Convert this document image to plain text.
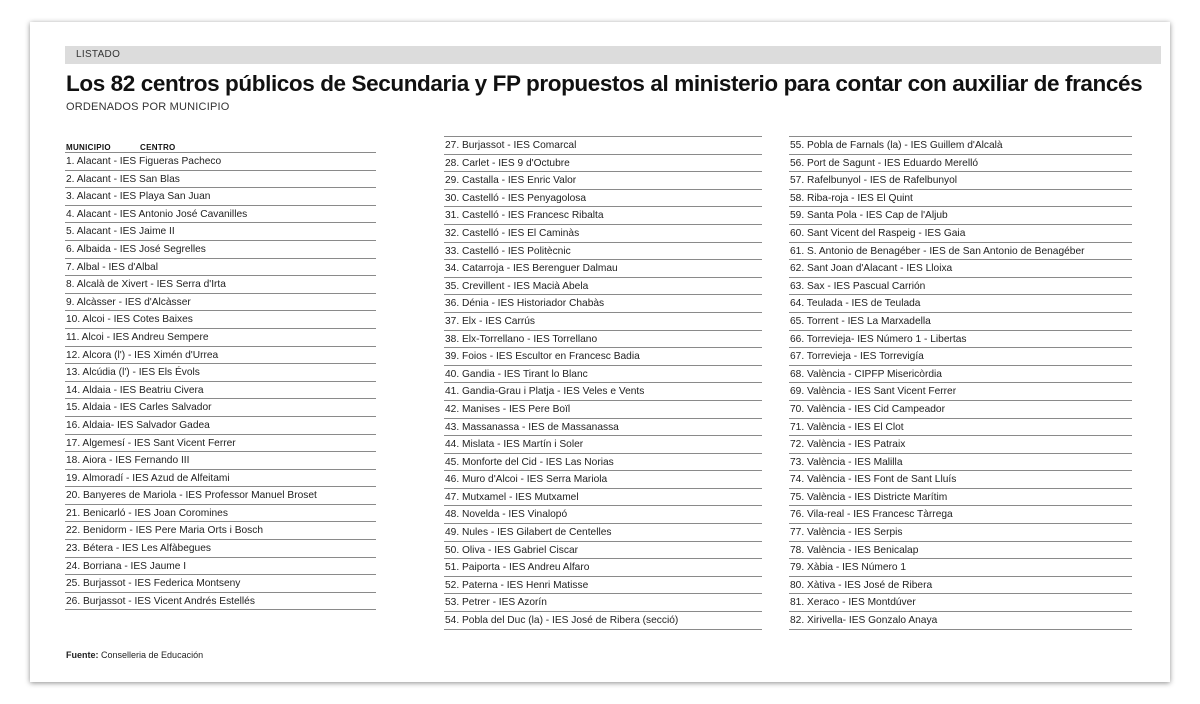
LISTADO
Los 82 centros públicos de Secundaria y FP propuestos al ministerio para contar con auxiliar de francés
ORDENADOS POR MUNICIPIO
MUNICIPIO	CENTRO
1. Alacant - IES Figueras Pacheco
2. Alacant - IES San Blas
3. Alacant - IES Playa San Juan
4. Alacant - IES Antonio José Cavanilles
5. Alacant - IES Jaime II
6. Albaida - IES José Segrelles
7. Albal - IES d'Albal
8. Alcalà de Xivert - IES Serra d'Irta
9. Alcàsser - IES d'Alcàsser
10. Alcoi - IES Cotes Baixes
11. Alcoi - IES Andreu Sempere
12. Alcora (l') - IES Ximén d'Urrea
13. Alcúdia (l') - IES Els Évols
14. Aldaia - IES Beatriu Civera
15. Aldaia - IES Carles Salvador
16. Aldaia- IES Salvador Gadea
17. Algemesí - IES Sant Vicent Ferrer
18. Aiora - IES Fernando III
19. Almoradí - IES Azud de Alfeitami
20. Banyeres de Mariola - IES Professor Manuel Broset
21. Benicarló - IES Joan Coromines
22. Benidorm - IES Pere Maria Orts i Bosch
23. Bétera - IES Les Alfàbegues
24. Borriana - IES Jaume I
25. Burjassot - IES Federica Montseny
26. Burjassot - IES Vicent Andrés Estellés
27. Burjassot - IES Comarcal
28. Carlet - IES 9 d'Octubre
29. Castalla - IES Enric Valor
30. Castelló - IES Penyagolosa
31. Castelló - IES Francesc Ribalta
32. Castelló - IES El Caminàs
33. Castelló - IES Politècnic
34. Catarroja - IES Berenguer Dalmau
35. Crevillent - IES Macià Abela
36. Dénia - IES Historiador Chabàs
37. Elx - IES Carrús
38. Elx-Torrellano - IES Torrellano
39. Foios - IES Escultor en Francesc Badia
40. Gandia - IES Tirant lo Blanc
41. Gandia-Grau i Platja - IES Veles e Vents
42. Manises - IES Pere Boïl
43. Massanassa - IES de Massanassa
44. Mislata - IES Martín i Soler
45. Monforte del Cid - IES Las Norias
46. Muro d'Alcoi - IES Serra Mariola
47. Mutxamel - IES Mutxamel
48. Novelda - IES Vinalopó
49. Nules - IES Gilabert de Centelles
50. Oliva - IES Gabriel Ciscar
51. Paiporta - IES Andreu Alfaro
52. Paterna - IES Henri Matisse
53. Petrer - IES Azorín
54. Pobla del Duc (la) - IES José de Ribera (secció)
55. Pobla de Farnals (la) - IES Guillem d'Alcalà
56. Port de Sagunt - IES Eduardo Merelló
57. Rafelbunyol - IES de Rafelbunyol
58. Riba-roja - IES El Quint
59. Santa Pola - IES Cap de l'Aljub
60. Sant Vicent del Raspeig - IES Gaia
61. S. Antonio de Benagéber - IES de San Antonio de Benagéber
62. Sant Joan d'Alacant - IES Lloixa
63. Sax - IES Pascual Carrión
64. Teulada - IES de Teulada
65. Torrent - IES La Marxadella
66. Torrevieja- IES Número 1 - Libertas
67. Torrevieja - IES Torrevigía
68. València - CIPFP Misericòrdia
69. València - IES Sant Vicent Ferrer
70. València - IES Cid Campeador
71. València - IES El Clot
72. València - IES Patraix
73. València - IES Malilla
74. València - IES Font de Sant Lluís
75. València - IES Districte Marítim
76. Vila-real - IES Francesc Tàrrega
77. València - IES Serpis
78. València - IES Benicalap
79. Xàbia - IES Número 1
80. Xàtiva - IES José de Ribera
81. Xeraco - IES Montdúver
82. Xirivella- IES Gonzalo Anaya
Fuente: Conselleria de Educación
